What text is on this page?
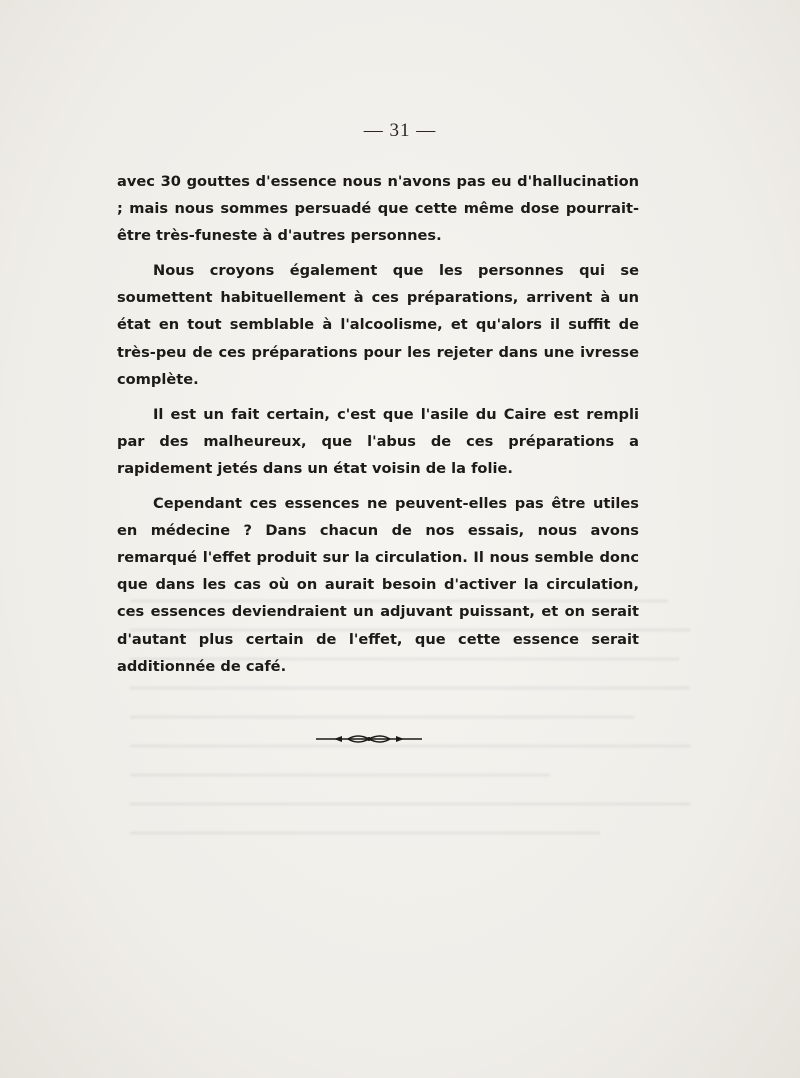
— 31 —

avec 30 gouttes d'essence nous n'avons pas eu d'hallucination ; mais nous sommes persuadé que cette même dose pourrait-être très-funeste à d'autres personnes.

Nous croyons également que les personnes qui se soumettent habituellement à ces préparations, arrivent à un état en tout semblable à l'alcoolisme, et qu'alors il suffit de très-peu de ces préparations pour les rejeter dans une ivresse complète.

Il est un fait certain, c'est que l'asile du Caire est rempli par des malheureux, que l'abus de ces préparations a rapidement jetés dans un état voisin de la folie.

Cependant ces essences ne peuvent-elles pas être utiles en médecine ? Dans chacun de nos essais, nous avons remarqué l'effet produit sur la circulation. Il nous semble donc que dans les cas où on aurait besoin d'activer la circulation, ces essences deviendraient un adjuvant puissant, et on serait d'autant plus certain de l'effet, que cette essence serait additionnée de café.
